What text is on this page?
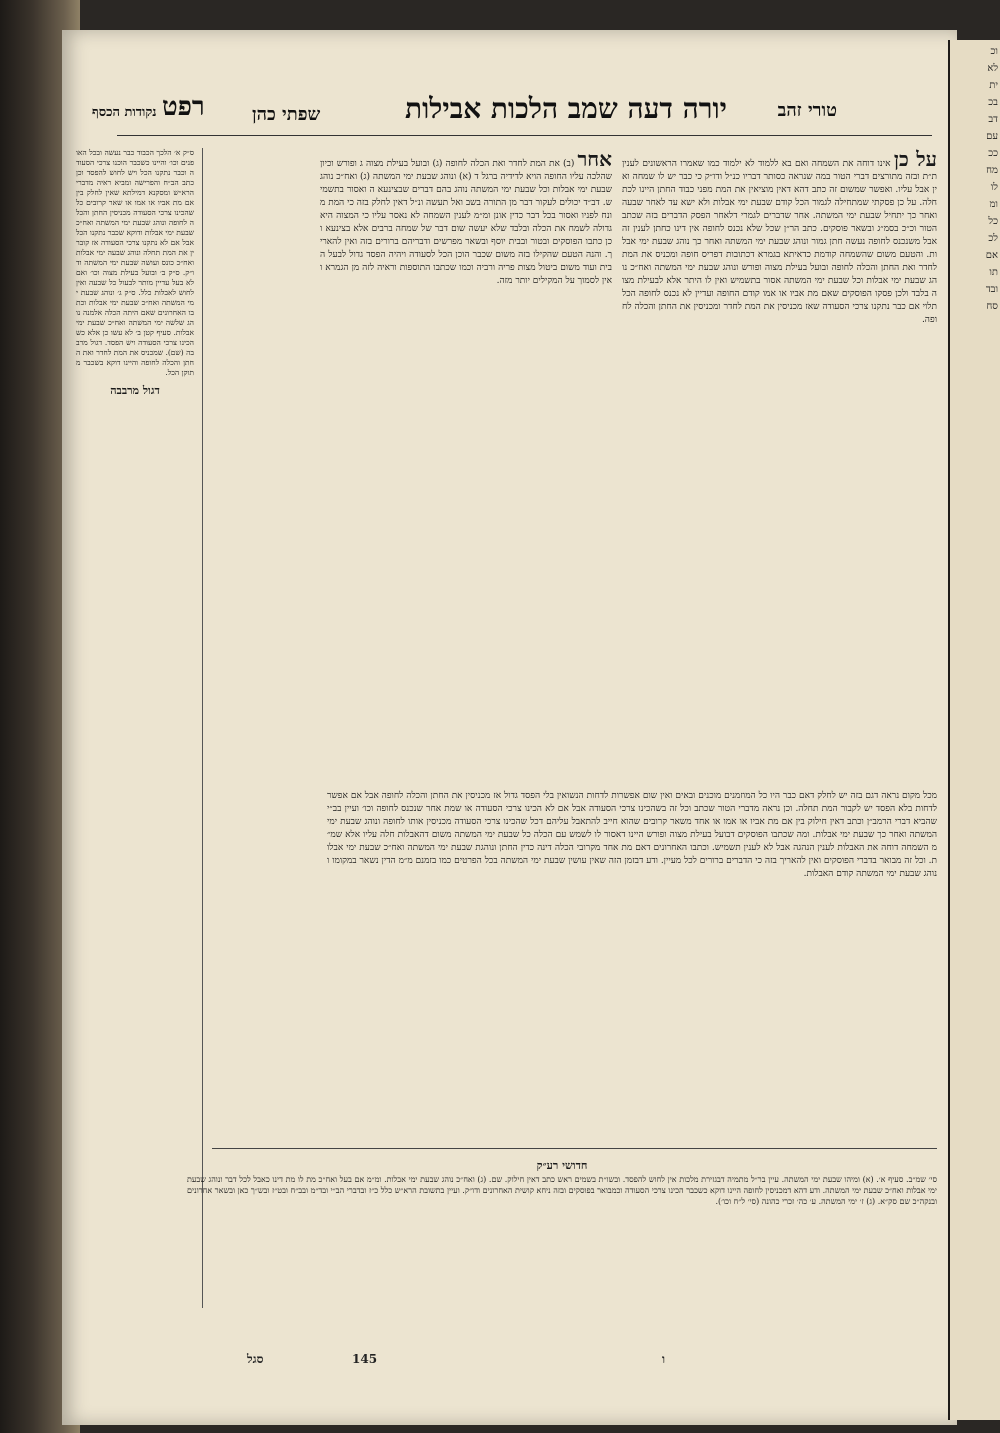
טורי זהב
יורה דעה שמב הלכות אבילות
שפתי כהן
רפט
נקודות הכסף
על כן אינו דוחה את השמחה ואם בא ללמוד לא ילמוד כמו שאמרו הראשונים לענין ת״ת ובזה מתורצים דברי הטור במה שנראה כסותר דבריו כנ״ל ודו״ק כי כבר יש לו שמחה ואין אבל עליו. ואפשר שמשום זה כתב דהא דאין מוציאין את המת מפני כבוד החתן היינו לכתחלה. על כן פסקתי שמתחילה לגמור הכל קודם שבעת ימי אבלות ולא ישא עד לאחר שבעה ואחר כך יתחיל שבעת ימי המשתה. אחר שדברים לגמרי דלאחר הפסק הדברים בזה שכתב הטור וכ״כ בסמ״ג ובשאר פוסקים. כתב הר״ן שכל שלא נכנס לחופה אין דינו כחתן לענין זה אבל משנכנס לחופה נעשה חתן גמור ונוהג שבעת ימי המשתה ואחר כך נוהג שבעת ימי אבלות. והטעם משום שהשמחה קודמת כדאיתא בגמרא דכתובות דפריס חופה ומכניס את המת לחדר ואת החתן והכלה לחופה ובועל בעילת מצוה ופורש ונוהג שבעת ימי המשתה ואח״כ נוהג שבעת ימי אבלות וכל שבעת ימי המשתה אסור בתשמיש ואין לו היתר אלא לבעילת מצוה בלבד ולכן פסקו הפוסקים שאם מת אביו או אמו קודם החופה ועדיין לא נכנס לחופה הכל תלוי אם כבר נתקנו צרכי הסעודה שאז מכניסין את המת לחדר ומכניסין את החתן והכלה לחופה.
אחר (ב) את המת לחדר ואת הכלה לחופה (ג) ובועל בעילת מצוה ג ופורש וכיון שהלכה עליו החופה הויא לדידיה ברגל ד (א) ונוהג שבעת ימי המשתה (ג) ואח״כ נוהג שבעת ימי אבלות וכל שבעת ימי המשתה נוהג בהם דברים שבצינעא ה ואסור בתשמיש. דב״ד יכולים לעקור דבר מן התורה בשב ואל תעשה ונ״ל דאין לחלק בזה כי המת מונח לפניו ואסור בכל דבר כדין אונן ומ״מ לענין השמחה לא נאסר עליו כי המצוה היא גדולה לשמח את הכלה ובלבד שלא יעשה שום דבר של שמחה ברבים אלא בצינעא וכן כתבו הפוסקים ובטור ובבית יוסף ובשאר מפרשים ודבריהם ברורים בזה ואין להאריך. והנה הטעם שהקילו בזה משום שכבר הוכן הכל לסעודה ויהיה הפסד גדול לבעל הבית ועוד משום ביטול מצות פריה ורביה וכמו שכתבו התוספות וראיה לזה מן הגמרא ואין לסמוך על המקילים יותר מזה.
ס״ק א׳ הלכך הכבוד כבר נעשה ובכל האופנים וכו׳ והיינו כשכבר הוכנו צרכי הסעודה וכבר נתקנו הכל ויש לחוש להפסד וכן כתב הב״ח והפרישה ומביא ראיה מדברי הרא״ש ומסקנא דמילתא שאין לחלק בין אם מת אביו או אמו או שאר קרובים כל שהכינו צרכי הסעודה מכניסין החתן והכלה לחופה ונוהג שבעת ימי המשתה ואח״כ שבעת ימי אבלות ודוקא שכבר נתקנו הכל אבל אם לא נתקנו צרכי הסעודה אז קוברין את המת תחלה ונוהג שבעה ימי אבלות ואח״כ כונס ועושה שבעת ימי המשתה ודו״ק. ס״ק ב׳ ובועל בעילת מצוה וכו׳ ואם לא בעל עדיין מותר לבעול כל שבעה ואין לחוש לאבלות כלל. ס״ק ג׳ ונוהג שבעת ימי המשתה ואח״כ שבעת ימי אבלות וכתבו האחרונים שאם היתה הכלה אלמנה נוהג שלשה ימי המשתה ואח״כ שבעת ימי אבלות. סעיף קטן ב׳ לא עשו כן אלא כשהכינו צרכי הסעודה ויש הפסד. דגול מרבבה (שם). שמכניס את המת לחדר ואת החתן והכלה לחופה והיינו דוקא בשכבר מתוקן הכל.
דגול מרבבה
מכל מקום נראה דגם בזה יש לחלק דאם כבר היו כל המוזמנים מוכנים ובאים ואין שום אפשרות לדחות הנשואין בלי הפסד גדול אז מכניסין את החתן והכלה לחופה אבל אם אפשר לדחות בלא הפסד יש לקבור המת תחלה. וכן נראה מדברי הטור שכתב וכל זה בשהכינו צרכי הסעודה אבל אם לא הכינו צרכי הסעודה או שמת אחר שנכנס לחופה וכו׳ ועיין בב״י שהביא דברי הרמב״ן וכתב דאין חילוק בין אם מת אביו או אמו או אחד משאר קרובים שהוא חייב להתאבל עליהם דכל שהכינו צרכי הסעודה מכניסין אותו לחופה ונוהג שבעת ימי המשתה ואחר כך שבעת ימי אבלות. ומה שכתבו הפוסקים דבועל בעילת מצוה ופורש היינו דאסור לו לשמש עם הכלה כל שבעת ימי המשתה משום דהאבלות חלה עליו אלא שמ״מ השמחה דוחה את האבלות לענין הנהגה אבל לא לענין תשמיש. וכתבו האחרונים דאם מת אחד מקרובי הכלה דינה כדין החתן ונוהגת שבעת ימי המשתה ואח״כ שבעת ימי אבלות. וכל זה מבואר בדברי הפוסקים ואין להאריך בזה כי הדברים ברורים לכל מעיין. ודע דבזמן הזה שאין עושין שבעת ימי המשתה בכל הפרטים כמו בזמנם מ״מ הדין נשאר במקומו ונוהג שבעת ימי המשתה קודם האבלות.
חדושי רע״ק
סי׳ שמ״ב. סעיף א׳. (א) ומיהו שבעת ימי המשתה. עיין בר״ל מתמיה דבגזירת מלכות אין לחוש להפסד. ובשו״ת בשמים ראש כתב דאין חילוק. שם. (ג) ואח״כ נוהג שבעת ימי אבלות. ומ״מ אם בעל ואח״כ מת לו מת דינו כאבל לכל דבר ונוהג שבעת ימי אבלות ואח״כ שבעת ימי המשתה. ודע דהא דמכניסין לחופה היינו דוקא כשכבר הכינו צרכי הסעודה וכמבואר בפוסקים ובזה ניחא קושית האחרונים ודו״ק. ועיין בתשובת הרא״ש כלל כ״ז ובדברי הב״י ובד״מ ובב״ח ובט״ז ובש״ך כאן ובשאר אחרונים ובנקה״כ שם סק״א. (ג) ז׳ ימי המשתה. ע׳ כה׳ זכרי כהונה (סי׳ ל״ח וכו׳).
145	ו
סגל
וכ
לא
ית
בכ
דב
עם
ככ
מח
לו
ומ
כל
לכ
אם
תו
ובד
סח
